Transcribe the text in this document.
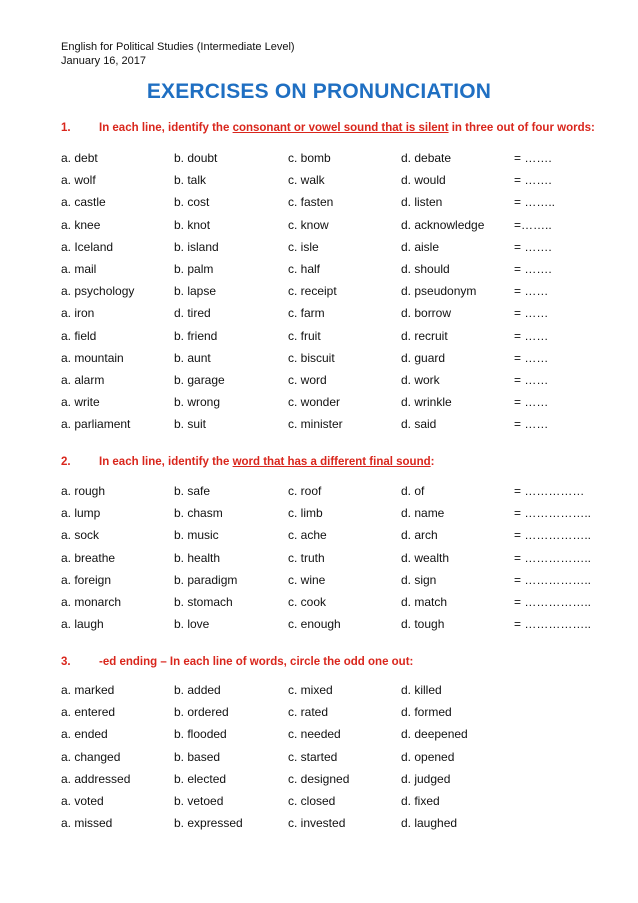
English for Political Studies (Intermediate Level)
January 16, 2017
EXERCISES ON PRONUNCIATION
1. In each line, identify the consonant or vowel sound that is silent in three out of four words:
a. debt	b. doubt	c. bomb	d. debate	= …….
a. wolf	b. talk	c. walk	d. would	= …….
a. castle	b. cost	c. fasten	d. listen	= ……..
a. knee	b. knot	c. know	d. acknowledge =……..
a. Iceland	b. island	c. isle	d. aisle	= …….
a. mail	b. palm	c. half	d. should	= …….
a. psychology	b. lapse	c. receipt	d. pseudonym	= ……
a. iron	d. tired	c. farm	d. borrow	= ……
a. field	b. friend	c. fruit	d. recruit	= ……
a. mountain	b. aunt	c. biscuit	d. guard	= ……
a. alarm	b. garage	c. word	d. work	= ……
a. write	b. wrong	c. wonder	d. wrinkle	= ……
a. parliament	b. suit	c. minister	d. said	= ……
2. In each line, identify the word that has a different final sound:
a. rough	b. safe	c. roof	d. of	= ……………
a. lump	b. chasm	c. limb	d. name	= ……………..
a. sock	b. music	c. ache	d. arch	= ……………..
a. breathe	b. health	c. truth	d. wealth	= ……………..
a. foreign	b. paradigm	c. wine	d. sign	= ……………..
a. monarch	b. stomach	c. cook	d. match	= ……………..
a. laugh	b. love	c. enough	d. tough	= ……………..
3. -ed ending – In each line of words, circle the odd one out:
a. marked	b. added	c. mixed	d. killed
a. entered	b. ordered	c. rated	d. formed
a. ended	b. flooded	c. needed	d. deepened
a. changed	b. based	c. started	d. opened
a. addressed	b. elected	c. designed	d. judged
a. voted	b. vetoed	c. closed	d. fixed
a. missed	b. expressed	c. invested	d. laughed
